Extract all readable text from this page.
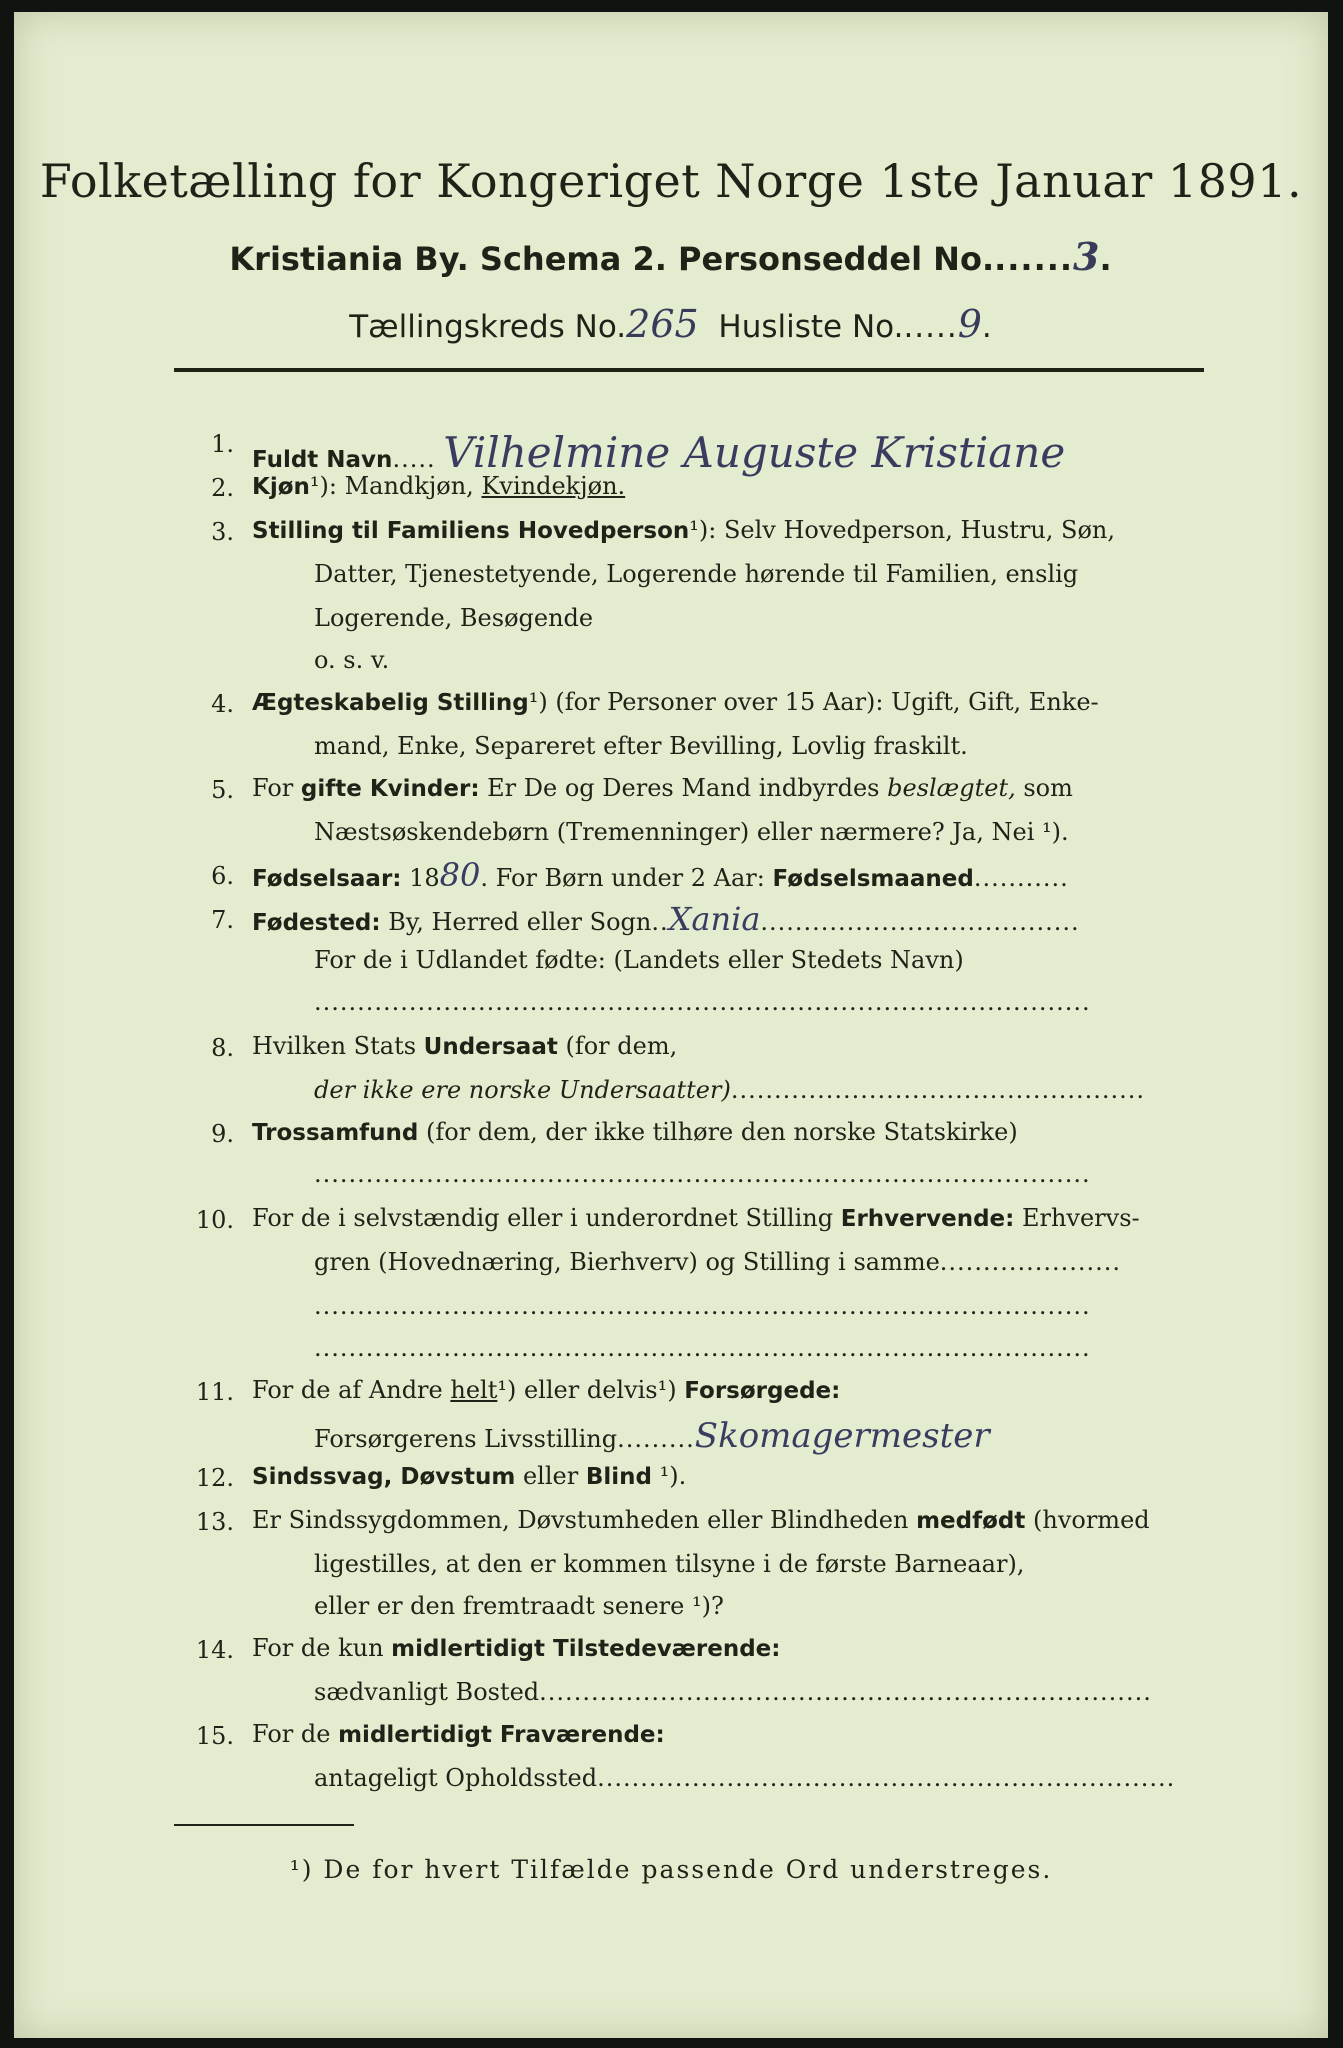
Folketælling for Kongeriget Norge 1ste Januar 1891.
Kristiania By. Schema 2. Personseddel No.......3.
Tællingskreds No.265 Husliste No......9.
1.
Fuldt Navn..... Vilhelmine Auguste Kristiane
2. Kjøn¹): Mandkjøn, Kvindekjøn.
3. Stilling til Familiens Hovedperson¹): Selv Hovedperson, Hustru, Søn,
Datter, Tjenestetyende, Logerende hørende til Familien, enslig
Logerende, Besøgende
o. s. v.
4. Ægteskabelig Stilling¹) (for Personer over 15 Aar): Ugift, Gift, Enke-
mand, Enke, Separeret efter Bevilling, Lovlig fraskilt.
5. For gifte Kvinder: Er De og Deres Mand indbyrdes beslægtet, som
Næstsøskendebørn (Tremenninger) eller nærmere? Ja, Nei ¹).
6. Fødselsaar: 1880. For Børn under 2 Aar: Fødselsmaaned...........
7. Fødested: By, Herred eller Sogn..Xania.....................................
For de i Udlandet fødte: (Landets eller Stedets Navn)
..........................................................................................
8. Hvilken Stats Undersaat (for dem,
der ikke ere norske Undersaatter)................................................
9. Trossamfund (for dem, der ikke tilhøre den norske Statskirke)
..........................................................................................
10. For de i selvstændig eller i underordnet Stilling Erhvervende: Erhvervs-
gren (Hovednæring, Bierhverv) og Stilling i samme.....................
..........................................................................................
..........................................................................................
11. For de af Andre helt¹) eller delvis¹) Forsørgede:
Forsørgerens Livsstilling.........Skomagermester
12. Sindssvag, Døvstum eller Blind ¹).
13. Er Sindssygdommen, Døvstumheden eller Blindheden medfødt (hvormed
ligestilles, at den er kommen tilsyne i de første Barneaar),
eller er den fremtraadt senere ¹)?
14. For de kun midlertidigt Tilstedeværende:
sædvanligt Bosted.......................................................................
15. For de midlertidigt Fraværende:
antageligt Opholdssted...................................................................
¹) De for hvert Tilfælde passende Ord understreges.
